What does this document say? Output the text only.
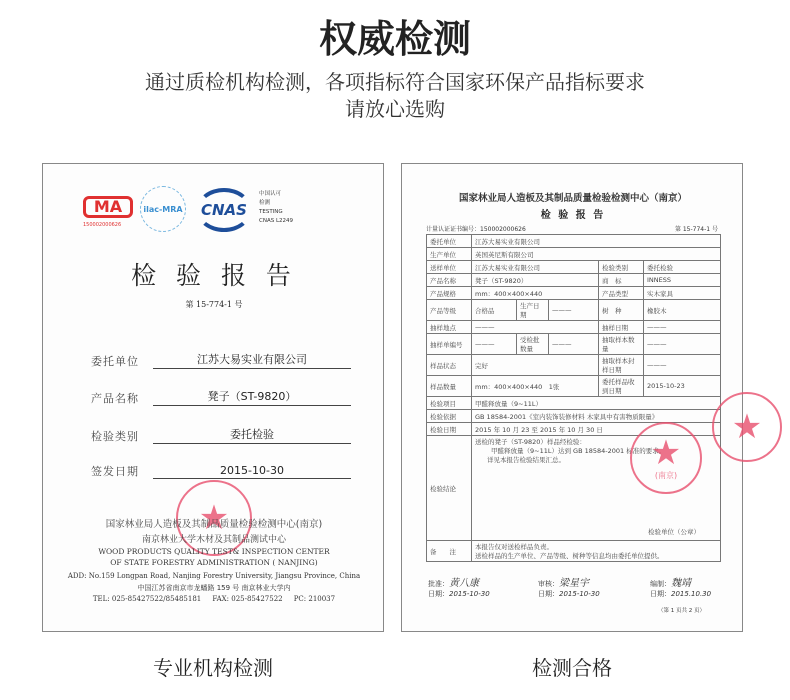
权威检测
通过质检机构检测，各项指标符合国家环保产品指标要求
请放心选购
MA
150002000626
ilac-MRA	CNAS
中国认可
检测
TESTING
CNAS L2249
检 验 报 告
第 15-774-1 号
委托单位	江苏大易实业有限公司
产品名称	凳子（ST-9820）
检验类别	委托检验
签发日期	2015-10-30
★
国家林业局人造板及其制品质量检验检测中心(南京)
南京林业大学木材及其制品测试中心
WOOD PRODUCTS QUALITY TEST& INSPECTION CENTER
OF STATE FORESTRY ADMINISTRATION ( NANJING)
ADD: No.159 Longpan Road, Nanjing Forestry University, Jiangsu Province, China
中国江苏省南京市龙蟠路 159 号 南京林业大学内
TEL: 025-85427522/85485181     FAX: 025-85427522     PC: 210037
专业机构检测
国家林业局人造板及其制品质量检验检测中心（南京）
检 验 报 告
计量认证证书编号：150002000626	第 15-774-1 号
委托单位	江苏大易实业有限公司				
生产单位	英国英尼斯有限公司				
送样单位	江苏大易实业有限公司			检验类别	委托检验
产品名称	凳子（ST-9820）			商　标	INNESS
产品规格	mm：400×400×440			产品类型	实木家具
产品等级	合格品	生产日期	———	树　种	橡胶木
抽样地点	———			抽样日期	———
抽样单编号	———	受检批数量	———	抽取样本数量	———
样品状态	完好			抽取样本封样日期	———
样品数量	mm：400×400×440　1张			委托样品收到日期	2015-10-23
检验项目	甲醛释放量（9~11L）				
检验依据	GB 18584-2001《室内装饰装修材料 木家具中有害物质限量》				
检验日期	2015 年 10 月 23 至 2015 年 10 月 30 日				
检验结论	送检的凳子（ST-9820）样品经检验：
甲醛释放量（9~11L）达到 GB 18584-2001 标准的要求。
详见本报告检验结果汇总。
检验单位（公章）				

备　　注	本报告仅对送检样品负责。
送检样品的生产单位、产品等级、树种等信息均由委托单位提供。				
★
(南京)
★
批准：黄八康
日期：2015-10-30
审核：梁星宇
日期：2015-10-30
编制：魏靖
日期：2015.10.30
（第 1 页共 2 页）
检测合格
